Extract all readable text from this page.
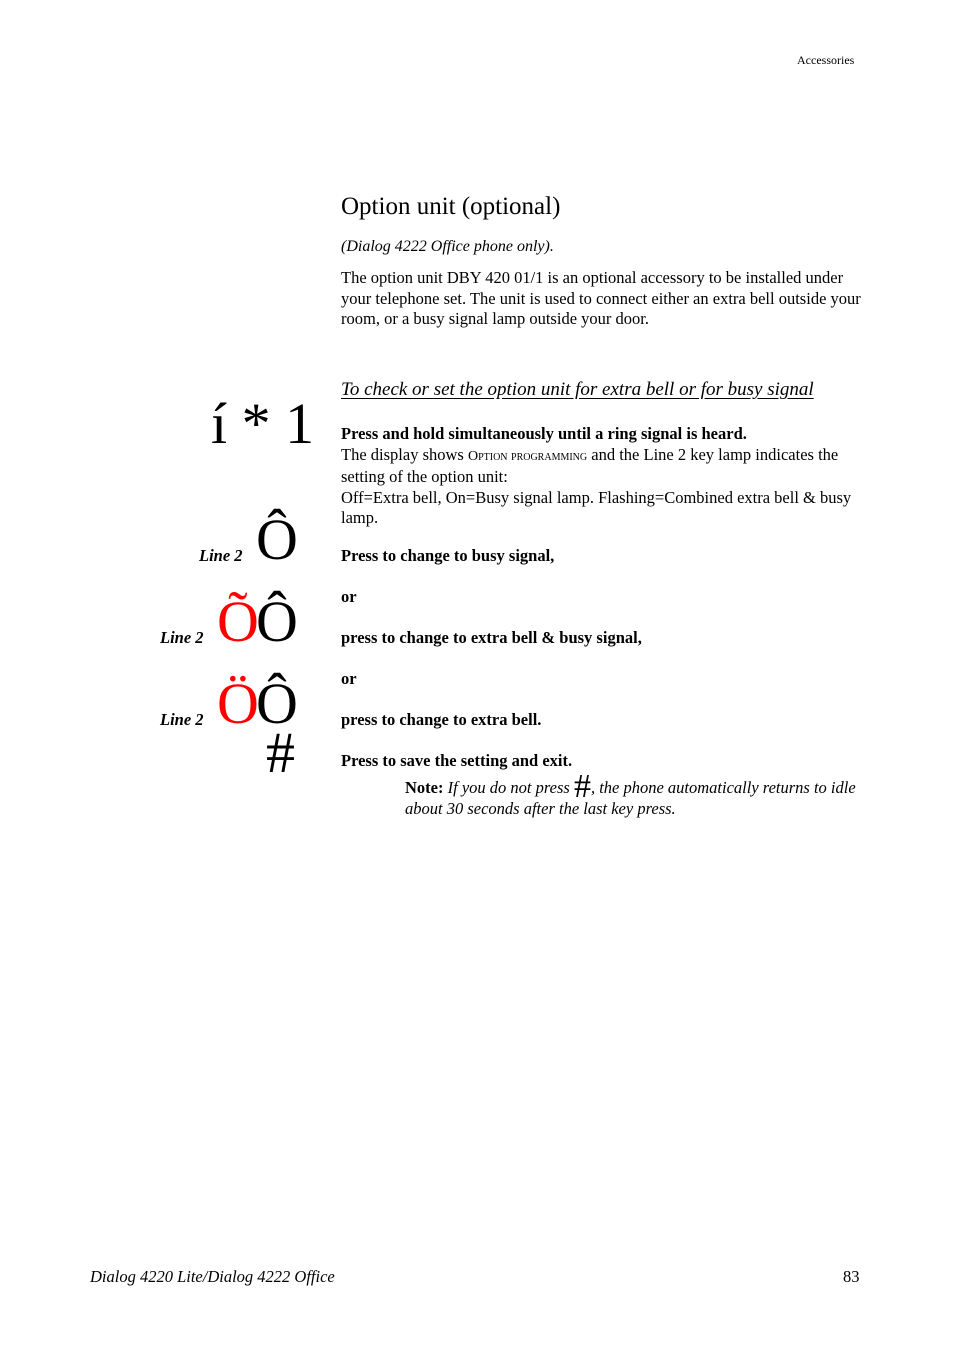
Accessories
Option unit (optional)
(Dialog 4222 Office phone only).
The option unit DBY 420 01/1 is an optional accessory to be installed under your telephone set. The unit is used to connect either an extra bell outside your room, or a busy signal lamp outside your door.
To check or set the option unit for extra bell or for busy signal
í * 1 Press and hold simultaneously until a ring signal is heard.
The display shows Option programming and the Line 2 key lamp indicates the setting of the option unit:
Off=Extra bell, On=Busy signal lamp. Flashing=Combined extra bell & busy lamp.
Line 2 Ô	Press to change to busy signal,
or
Line 2 Õ
Ô	press to change to extra bell & busy signal,
or
Line 2 Ö
Ô	press to change to extra bell.
#	Press to save the setting and exit.
Note: If you do not press #, the phone automatically returns to idle about 30 seconds after the last key press.
Dialog 4220 Lite/Dialog 4222 Office	83
